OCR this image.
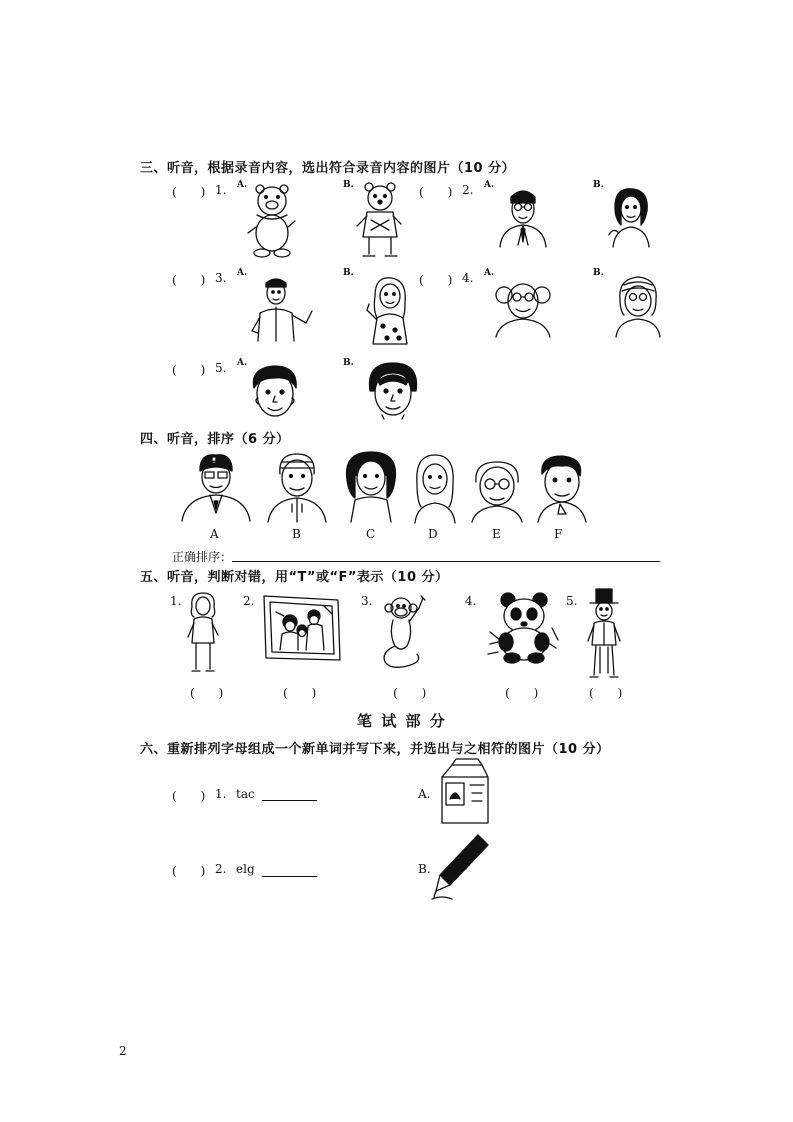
三、听音，根据录音内容，选出符合录音内容的图片（10 分）
(　　) 1. A.	B.	(　　) 2. A.	B.
(　　) 3. A.	B.	(　　) 4. A.	B.
(　　) 5. A.	B.
四、听音，排序（6 分）
A	B	C	D	E	F
正确排序：
五、听音，判断对错，用“T”或“F”表示（10 分）
1.	2.	3.	4.	5.
(　　)	(　　)	(　　)	(　　)	(　　)
笔 试 部 分
六、重新排列字母组成一个新单词并写下来，并选出与之相符的图片（10 分）
(　　) 1. tac
(　　) 2. elg
A.
B.
2
